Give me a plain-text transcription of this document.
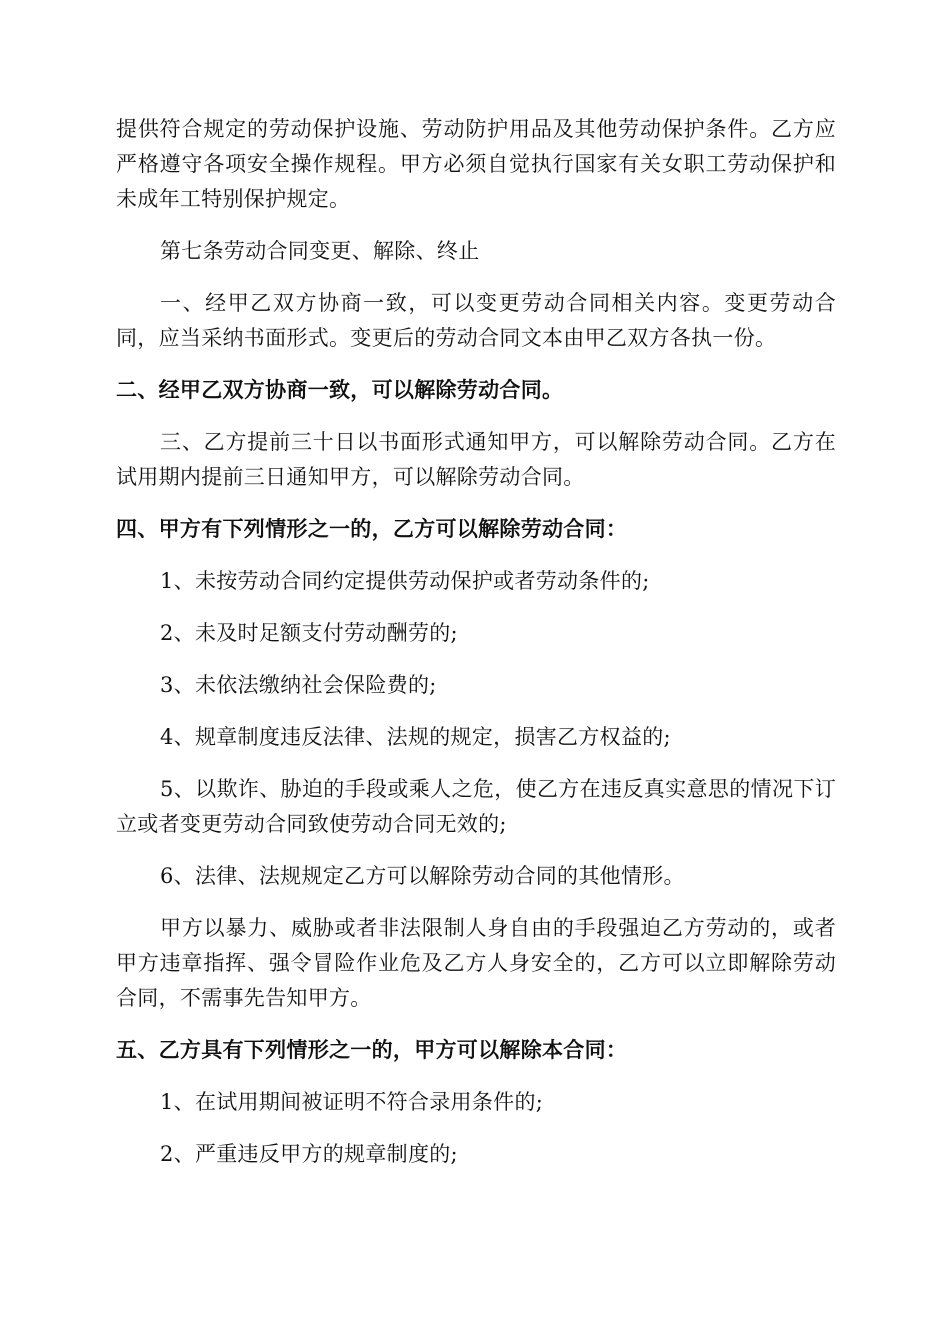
提供符合规定的劳动保护设施、劳动防护用品及其他劳动保护条件。乙方应严格遵守各项安全操作规程。甲方必须自觉执行国家有关女职工劳动保护和未成年工特别保护规定。

第七条劳动合同变更、解除、终止

一、经甲乙双方协商一致，可以变更劳动合同相关内容。变更劳动合同，应当采纳书面形式。变更后的劳动合同文本由甲乙双方各执一份。

二、经甲乙双方协商一致，可以解除劳动合同。

三、乙方提前三十日以书面形式通知甲方，可以解除劳动合同。乙方在试用期内提前三日通知甲方，可以解除劳动合同。

四、甲方有下列情形之一的，乙方可以解除劳动合同：

1、未按劳动合同约定提供劳动保护或者劳动条件的;

2、未及时足额支付劳动酬劳的;

3、未依法缴纳社会保险费的;

4、规章制度违反法律、法规的规定，损害乙方权益的;

5、以欺诈、胁迫的手段或乘人之危，使乙方在违反真实意思的情况下订立或者变更劳动合同致使劳动合同无效的;

6、法律、法规规定乙方可以解除劳动合同的其他情形。

甲方以暴力、威胁或者非法限制人身自由的手段强迫乙方劳动的，或者甲方违章指挥、强令冒险作业危及乙方人身安全的，乙方可以立即解除劳动合同，不需事先告知甲方。

五、乙方具有下列情形之一的，甲方可以解除本合同：

1、在试用期间被证明不符合录用条件的;

2、严重违反甲方的规章制度的;
